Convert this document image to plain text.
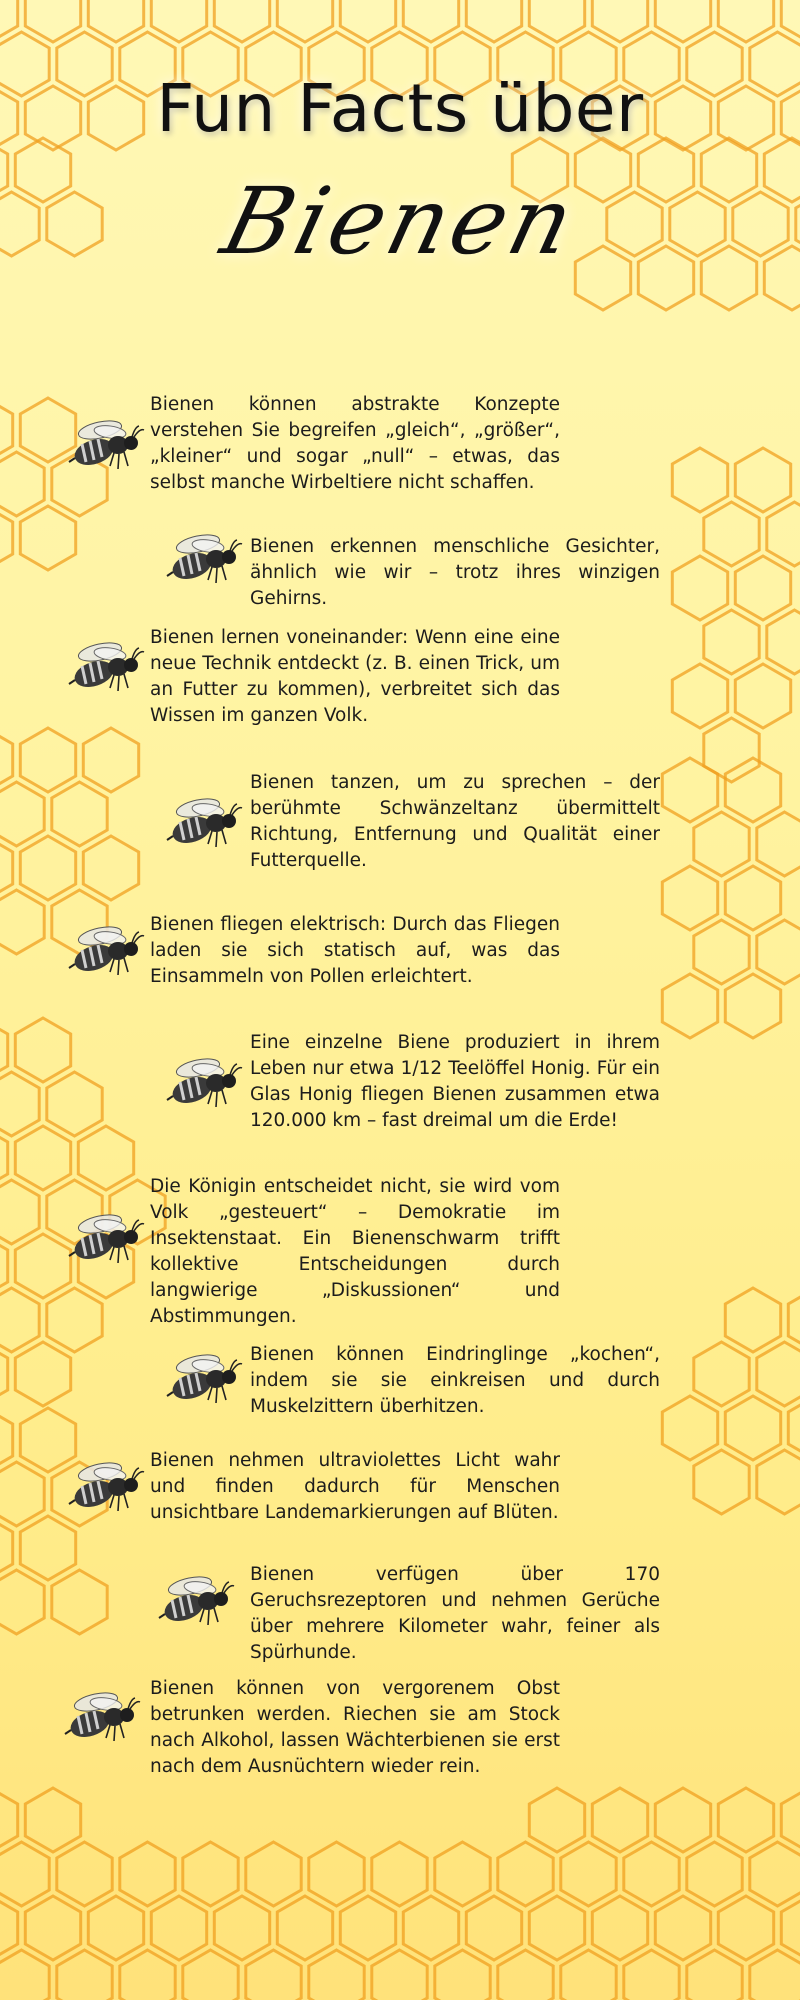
Fun Facts über
Bienen

Bienen können abstrakte Konzepte verstehen Sie begreifen „gleich“, „größer“, „kleiner“ und sogar „null“ – etwas, das selbst manche Wirbeltiere nicht schaffen.

Bienen erkennen menschliche Gesichter, ähnlich wie wir – trotz ihres winzigen Gehirns.

Bienen lernen voneinander: Wenn eine eine neue Technik entdeckt (z. B. einen Trick, um an Futter zu kommen), verbreitet sich das Wissen im ganzen Volk.

Bienen tanzen, um zu sprechen – der berühmte Schwänzeltanz übermittelt Richtung, Entfernung und Qualität einer Futterquelle.

Bienen fliegen elektrisch: Durch das Fliegen laden sie sich statisch auf, was das Einsammeln von Pollen erleichtert.

Eine einzelne Biene produziert in ihrem Leben nur etwa 1/12 Teelöffel Honig. Für ein Glas Honig fliegen Bienen zusammen etwa 120.000 km – fast dreimal um die Erde!

Die Königin entscheidet nicht, sie wird vom Volk „gesteuert“ – Demokratie im Insektenstaat. Ein Bienenschwarm trifft kollektive Entscheidungen durch langwierige „Diskussionen“ und Abstimmungen.

Bienen können Eindringlinge „kochen“, indem sie sie einkreisen und durch Muskelzittern überhitzen.

Bienen nehmen ultraviolettes Licht wahr und finden dadurch für Menschen unsichtbare Landemarkierungen auf Blüten.

Bienen verfügen über 170 Geruchsrezeptoren und nehmen Gerüche über mehrere Kilometer wahr, feiner als Spürhunde.

Bienen können von vergorenem Obst betrunken werden. Riechen sie am Stock nach Alkohol, lassen Wächterbienen sie erst nach dem Ausnüchtern wieder rein.
